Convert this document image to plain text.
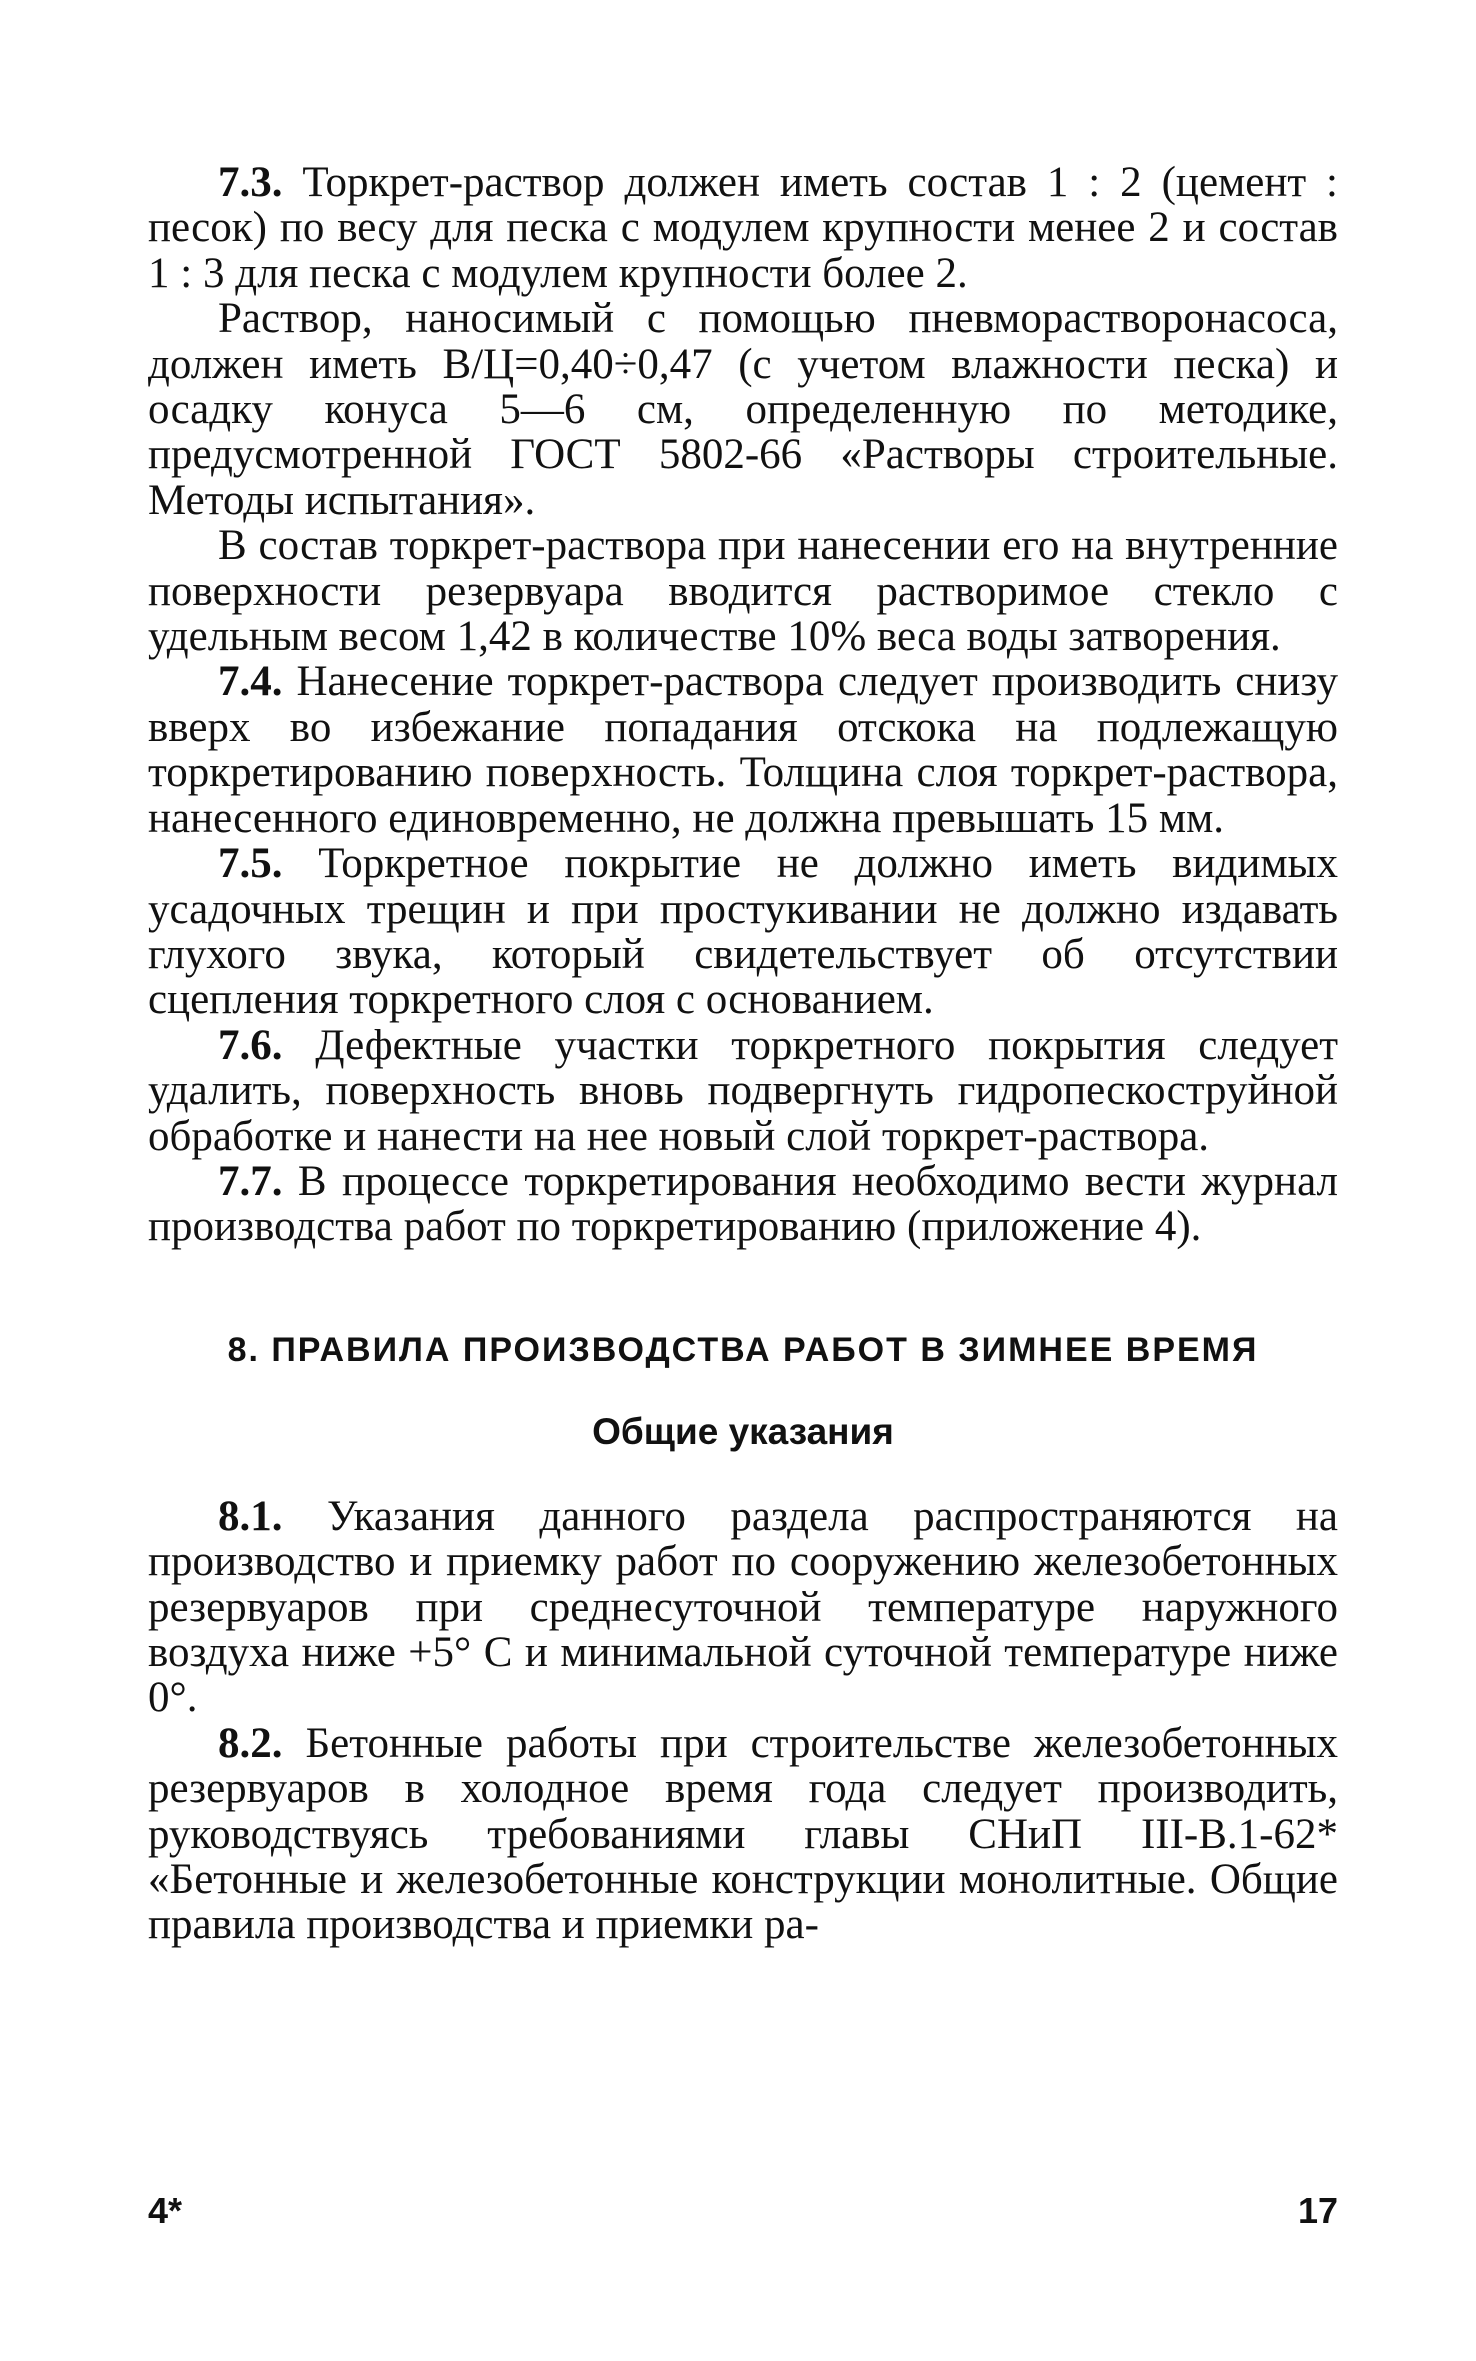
7.3. Торкрет-раствор должен иметь состав 1 : 2 (цемент : песок) по весу для песка с модулем крупности менее 2 и состав 1 : 3 для песка с модулем крупности более 2.

Раствор, наносимый с помощью пневморастворонасоса, должен иметь В/Ц=0,40÷0,47 (с учетом влажности песка) и осадку конуса 5—6 см, определенную по методике, предусмотренной ГОСТ 5802-66 «Растворы строительные. Методы испытания».

В состав торкрет-раствора при нанесении его на внутренние поверхности резервуара вводится растворимое стекло с удельным весом 1,42 в количестве 10% веса воды затворения.

7.4. Нанесение торкрет-раствора следует производить снизу вверх во избежание попадания отскока на подлежащую торкретированию поверхность. Толщина слоя торкрет-раствора, нанесенного единовременно, не должна превышать 15 мм.

7.5. Торкретное покрытие не должно иметь видимых усадочных трещин и при простукивании не должно издавать глухого звука, который свидетельствует об отсутствии сцепления торкретного слоя с основанием.

7.6. Дефектные участки торкретного покрытия следует удалить, поверхность вновь подвергнуть гидропескоструйной обработке и нанести на нее новый слой торкрет-раствора.

7.7. В процессе торкретирования необходимо вести журнал производства работ по торкретированию (приложение 4).

8. ПРАВИЛА ПРОИЗВОДСТВА РАБОТ В ЗИМНЕЕ ВРЕМЯ
Общие указания

8.1. Указания данного раздела распространяются на производство и приемку работ по сооружению железобетонных резервуаров при среднесуточной температуре наружного воздуха ниже +5° С и минимальной суточной температуре ниже 0°.

8.2. Бетонные работы при строительстве железобетонных резервуаров в холодное время года следует производить, руководствуясь требованиями главы СНиП III-В.1-62* «Бетонные и железобетонные конструкции монолитные. Общие правила производства и приемки ра-

4*	17
